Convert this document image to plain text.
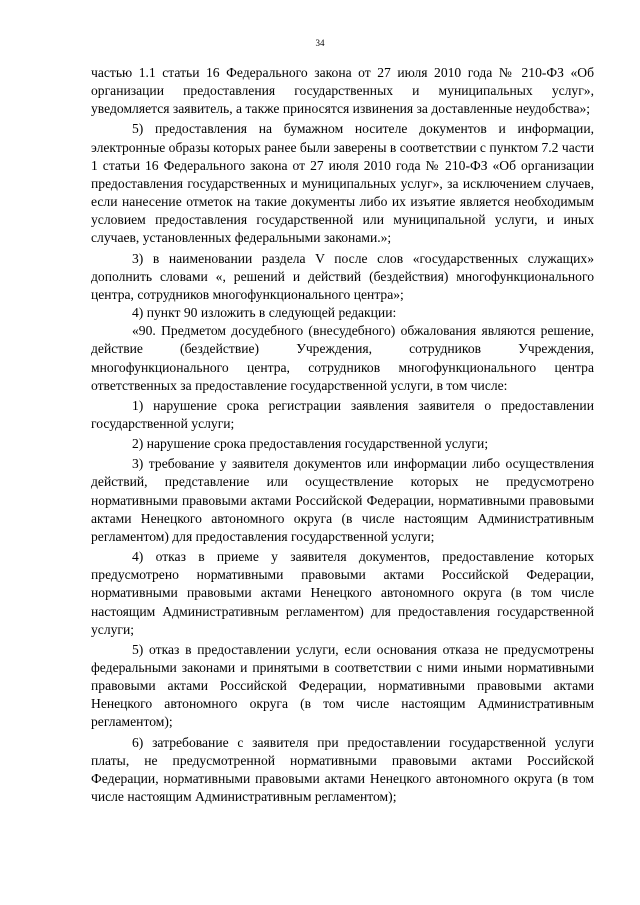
34

частью 1.1 статьи 16 Федерального закона от 27 июля 2010 года № 210-ФЗ «Об организации предоставления государственных и муниципальных услуг», уведомляется заявитель, а также приносятся извинения за доставленные неудобства»;

5) предоставления на бумажном носителе документов и информации, электронные образы которых ранее были заверены в соответствии с пунктом 7.2 части 1 статьи 16 Федерального закона от 27 июля 2010 года № 210-ФЗ «Об организации предоставления государственных и муниципальных услуг», за исключением случаев, если нанесение отметок на такие документы либо их изъятие является необходимым условием предоставления государственной или муниципальной услуги, и иных случаев, установленных федеральными законами.»;

3) в наименовании раздела V после слов «государственных служащих» дополнить словами «, решений и действий (бездействия) многофункционального центра, сотрудников многофункционального центра»;

4) пункт 90 изложить в следующей редакции:

«90. Предметом досудебного (внесудебного) обжалования являются решение, действие (бездействие) Учреждения, сотрудников Учреждения, многофункционального центра, сотрудников многофункционального центра ответственных за предоставление государственной услуги, в том числе:

1) нарушение срока регистрации заявления заявителя о предоставлении государственной услуги;

2) нарушение срока предоставления государственной услуги;

3) требование у заявителя документов или информации либо осуществления действий, представление или осуществление которых не предусмотрено нормативными правовыми актами Российской Федерации, нормативными правовыми актами Ненецкого автономного округа (в числе настоящим Административным регламентом) для предоставления государственной услуги;

4) отказ в приеме у заявителя документов, предоставление которых предусмотрено нормативными правовыми актами Российской Федерации, нормативными правовыми актами Ненецкого автономного округа (в том числе настоящим Административным регламентом) для предоставления государственной услуги;

5) отказ в предоставлении услуги, если основания отказа не предусмотрены федеральными законами и принятыми в соответствии с ними иными нормативными правовыми актами Российской Федерации, нормативными правовыми актами Ненецкого автономного округа (в том числе настоящим Административным регламентом);

6) затребование с заявителя при предоставлении государственной услуги платы, не предусмотренной нормативными правовыми актами Российской Федерации, нормативными правовыми актами Ненецкого автономного округа (в том числе настоящим Административным регламентом);
